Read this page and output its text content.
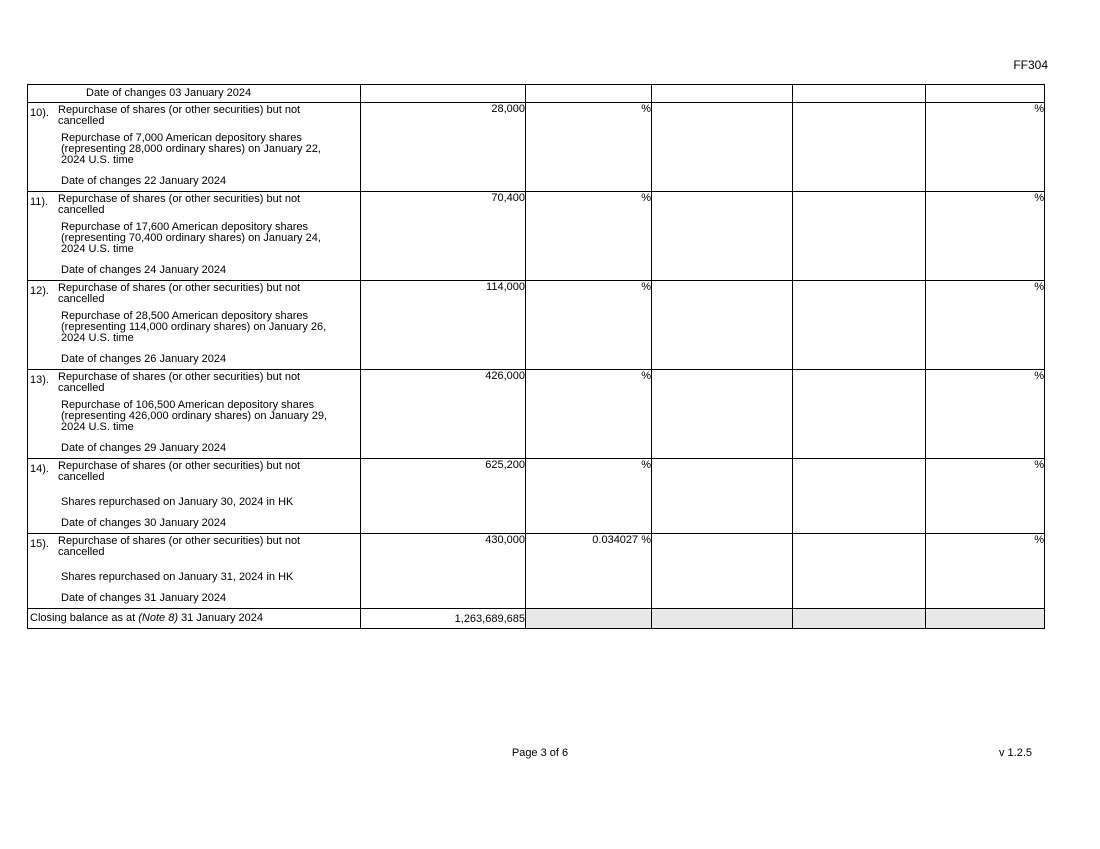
FF304
Date of changes 03 January 2024					

10). Repurchase of shares (or other securities) but not cancelled
Repurchase of 7,000 American depository shares (representing 28,000 ordinary shares) on January 22, 2024 U.S. time
Date of changes 22 January 2024	28,000	%			%

11). Repurchase of shares (or other securities) but not cancelled
Repurchase of 17,600 American depository shares (representing 70,400 ordinary shares) on January 24, 2024 U.S. time
Date of changes 24 January 2024	70,400	%			%

12). Repurchase of shares (or other securities) but not cancelled
Repurchase of 28,500 American depository shares (representing 114,000 ordinary shares) on January 26, 2024 U.S. time
Date of changes 26 January 2024	114,000	%			%

13). Repurchase of shares (or other securities) but not cancelled
Repurchase of 106,500 American depository shares (representing 426,000 ordinary shares) on January 29, 2024 U.S. time
Date of changes 29 January 2024	426,000	%			%

14). Repurchase of shares (or other securities) but not cancelled
Shares repurchased on January 30, 2024 in HK
Date of changes 30 January 2024	625,200	%			%

15). Repurchase of shares (or other securities) but not cancelled
Shares repurchased on January 31, 2024 in HK
Date of changes 31 January 2024	430,000	0.034027 %			%

Closing balance as at (Note 8) 31 January 2024	1,263,689,685				
Page 3 of 6	v 1.2.5
